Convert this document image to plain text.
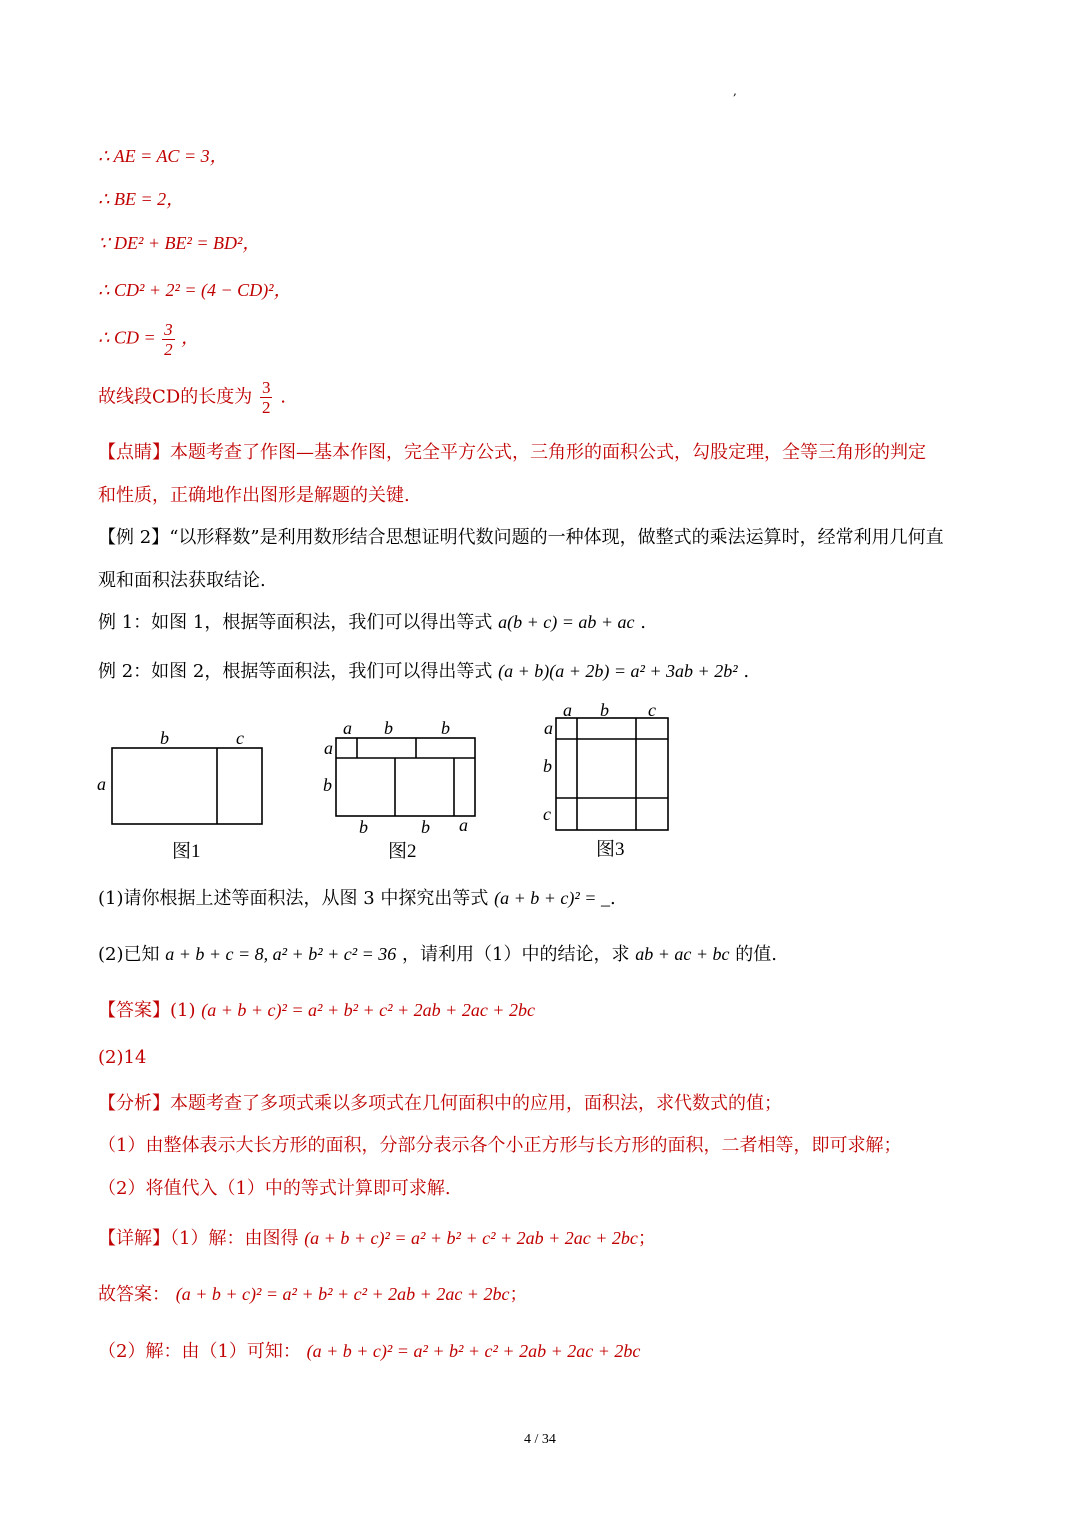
,
∴ AE = AC = 3，
∴ BE = 2，
∵ DE² + BE² = BD²，
∴ CD² + 2² = (4 − CD)²，
∴ CD = $\frac{3}{2}$ ，
故线段CD的长度为 $\frac{3}{2}$ .
【点睛】本题考查了作图—基本作图，完全平方公式，三角形的面积公式，勾股定理，全等三角形的判定
和性质，正确地作出图形是解题的关键.
【例 2】“以形释数”是利用数形结合思想证明代数问题的一种体现，做整式的乘法运算时，经常利用几何直
观和面积法获取结论.
例 1：如图 1，根据等面积法，我们可以得出等式 a(b + c) = ab + ac .
例 2：如图 2，根据等面积法，我们可以得出等式 (a + b)(a + 2b) = a² + 3ab + 2b² .
b	c
a
a b	b
a
b
b	b a
a b c
a
b
c
图1	图2	图3
(1)请你根据上述等面积法，从图 3 中探究出等式 (a + b + c)² = _.
(2)已知 a + b + c = 8, a² + b² + c² = 36 ，请利用（1）中的结论，求 ab + ac + bc 的值.
【答案】(1) (a + b + c)² = a² + b² + c² + 2ab + 2ac + 2bc
(2)14
【分析】本题考查了多项式乘以多项式在几何面积中的应用，面积法，求代数式的值；
（1）由整体表示大长方形的面积，分部分表示各个小正方形与长方形的面积，二者相等，即可求解；
（2）将值代入（1）中的等式计算即可求解.
【详解】（1）解：由图得 (a + b + c)² = a² + b² + c² + 2ab + 2ac + 2bc；
故答案： (a + b + c)² = a² + b² + c² + 2ab + 2ac + 2bc；
（2）解：由（1）可知： (a + b + c)² = a² + b² + c² + 2ab + 2ac + 2bc
4 / 34
